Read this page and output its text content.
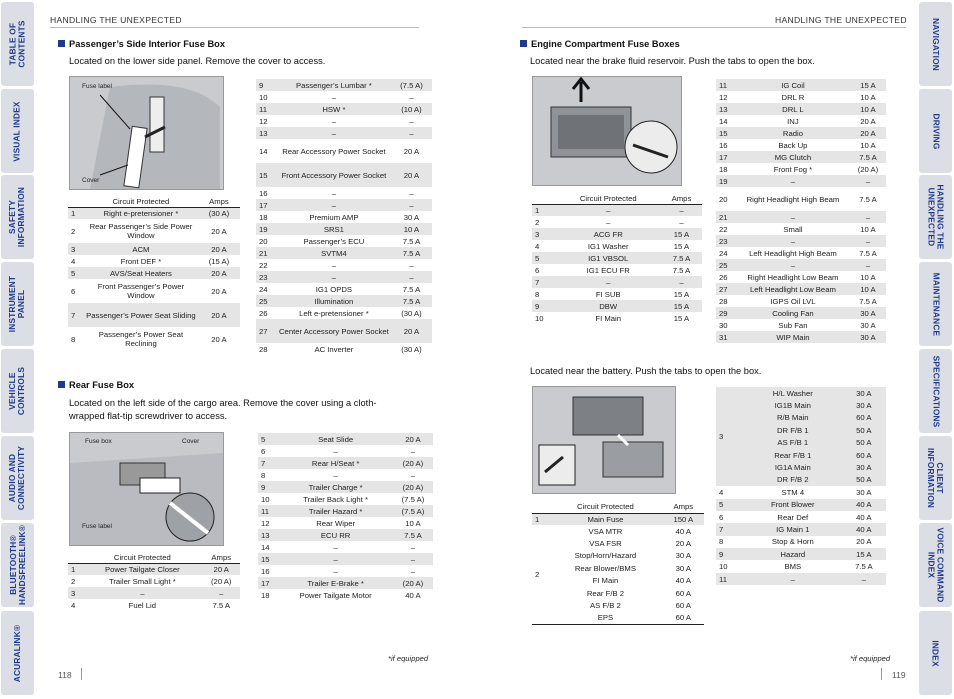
TABLE OF
CONTENTS
VISUAL INDEX
SAFETY
INFORMATION
INSTRUMENT
PANEL
VEHICLE
CONTROLS
AUDIO AND
CONNECTIVITY
BLUETOOTH®
HANDSFREELINK®
ACURALINK®
NAVIGATION
DRIVING
HANDLING THE
UNEXPECTED
MAINTENANCE
SPECIFICATIONS
CLIENT
INFORMATION
VOICE COMMAND
INDEX
INDEX
HANDLING THE UNEXPECTED	HANDLING THE UNEXPECTED
Passenger’s Side Interior Fuse Box
Located on the lower side panel. Remove the cover to access.
Fuse label
Cover
	Circuit Protected	Amps
1	Right e-pretensioner *	(30 A)
2	Rear Passenger’s Side Power Window	20 A
3	ACM	20 A
4	Front DEF *	(15 A)
5	AVS/Seat Heaters	20 A
6	Front Passenger’s Power Window	20 A
7	Passenger’s Power Seat Sliding	20 A
8	Passenger’s Power Seat Reclining	20 A
9	Passenger’s Lumbar *	(7.5 A)
10	–	–
11	HSW *	(10 A)
12	–	–
13	–	–
14	Rear Accessory Power Socket	20 A
15	Front Accessory Power Socket	20 A
16	–	–
17	–	–
18	Premium AMP	30 A
19	SRS1	10 A
20	Passenger’s ECU	7.5 A
21	SVTM4	7.5 A
22	–	–
23	–	–
24	IG1 OPDS	7.5 A
25	Illumination	7.5 A
26	Left e-pretensioner *	(30 A)
27	Center Accessory Power Socket	20 A
28	AC Inverter	(30 A)
Rear Fuse Box
Located on the left side of the cargo area. Remove the cover using a cloth-wrapped flat-tip screwdriver to access.
Fuse box	Cover
Fuse label
	Circuit Protected	Amps
1	Power Tailgate Closer	20 A
2	Trailer Small Light *	(20 A)
3	–	–
4	Fuel Lid	7.5 A
5	Seat Slide	20 A
6	–	–
7	Rear H/Seat *	(20 A)
8	–	–
9	Trailer Charge *	(20 A)
10	Trailer Back Light *	(7.5 A)
11	Trailer Hazard *	(7.5 A)
12	Rear Wiper	10 A
13	ECU RR	7.5 A
14	–	–
15	–	–
16	–	–
17	Trailer E-Brake *	(20 A)
18	Power Tailgate Motor	40 A
*if equipped
118
Engine Compartment Fuse Boxes
Located near the brake fluid reservoir. Push the tabs to open the box.
	Circuit Protected	Amps
1	–	–
2	–	–
3	ACG FR	15 A
4	IG1 Washer	15 A
5	IG1 VBSOL	7.5 A
6	IG1 ECU FR	7.5 A
7	–	–
8	FI SUB	15 A
9	DBW	15 A
10	FI Main	15 A
11	IG Coil	15 A
12	DRL R	10 A
13	DRL L	10 A
14	INJ	20 A
15	Radio	20 A
16	Back Up	10 A
17	MG Clutch	7.5 A
18	Front Fog *	(20 A)
19	–	–
20	Right Headlight High Beam	7.5 A
21	–	–
22	Small	10 A
23	–	–
24	Left Headlight High Beam	7.5 A
25	–	–
26	Right Headlight Low Beam	10 A
27	Left Headlight Low Beam	10 A
28	IGPS Oil LVL	7.5 A
29	Cooling Fan	30 A
30	Sub Fan	30 A
31	WIP Main	30 A
Located near the battery. Push the tabs to open the box.
	Circuit Protected	Amps
1	Main Fuse	150 A
2	VSA MTR	40 A
	VSA FSR	20 A
	Stop/Horn/Hazard	30 A
	Rear Blower/BMS	30 A
	FI Main	40 A
	Rear F/B 2	60 A
	AS F/B 2	60 A
	EPS	60 A
3	H/L Washer	30 A
	IG1B Main	30 A
	R/B Main	60 A
	DR F/B 1	50 A
	AS F/B 1	50 A
	Rear F/B 1	60 A
	IG1A Main	30 A
	DR F/B 2	50 A
4	STM 4	30 A
5	Front Blower	40 A
6	Rear Def	40 A
7	IG Main 1	40 A
8	Stop & Horn	20 A
9	Hazard	15 A
10	BMS	7.5 A
11	–	–
*if equipped
119
